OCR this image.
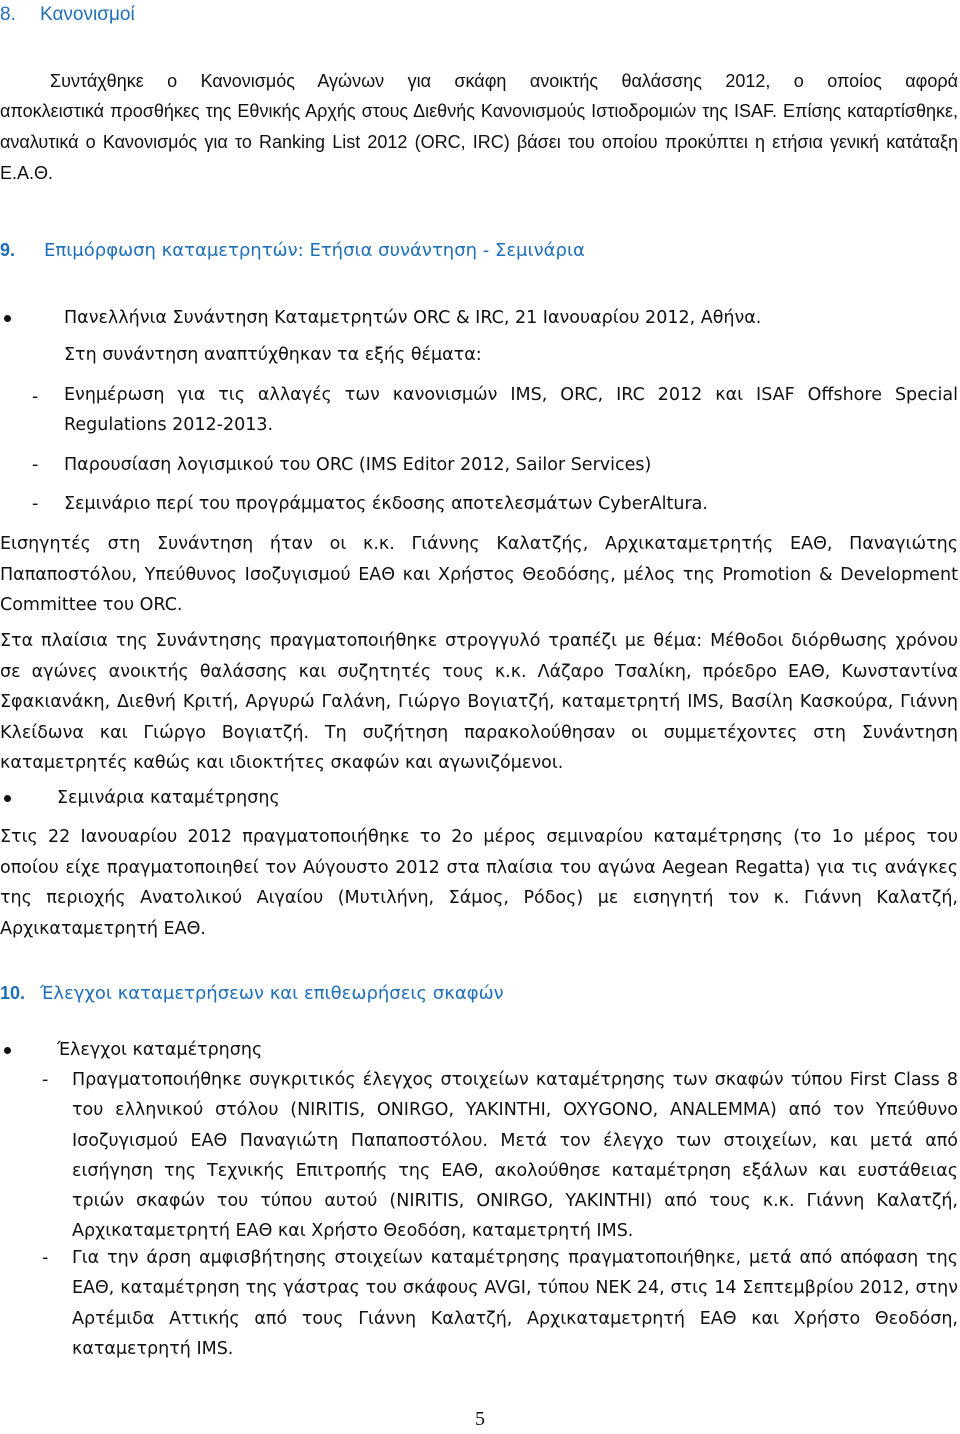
8. Κανονισμοί
Συντάχθηκε ο Κανονισμός Αγώνων για σκάφη ανοικτής θαλάσσης 2012, ο οποίος αφορά
αποκλειστικά προσθήκες της Εθνικής Αρχής στους Διεθνής Κανονισμούς Ιστιοδρομιών της ISAF. Επίσης καταρτίσθηκε, αναλυτικά ο Κανονισμός για το Ranking List 2012 (ORC, IRC) βάσει του οποίου προκύπτει η ετήσια γενική κατάταξη Ε.Α.Θ.
9. Επιμόρφωση καταμετρητών: Ετήσια συνάντηση - Σεμινάρια
Πανελλήνια Συνάντηση Καταμετρητών ORC & IRC, 21 Ιανουαρίου 2012, Αθήνα.
Στη συνάντηση αναπτύχθηκαν τα εξής θέματα:
- Ενημέρωση για τις αλλαγές των κανονισμών IMS, ORC, IRC 2012 και ISAF Offshore Special Regulations 2012-2013.
- Παρουσίαση λογισμικού του ORC (IMS Editor 2012, Sailor Services)
- Σεμινάριο περί του προγράμματος έκδοσης αποτελεσμάτων CyberAltura.
Εισηγητές στη Συνάντηση ήταν οι κ.κ. Γιάννης Καλατζής, Αρχικαταμετρητής ΕΑΘ, Παναγιώτης Παπαποστόλου, Υπεύθυνος Ισοζυγισμού ΕΑΘ και Χρήστος Θεοδόσης, μέλος της Promotion & Development Committee του ORC.
Στα πλαίσια της Συνάντησης πραγματοποιήθηκε στρογγυλό τραπέζι με θέμα: Μέθοδοι διόρθωσης χρόνου σε αγώνες ανοικτής θαλάσσης και συζητητές τους κ.κ. Λάζαρο Τσαλίκη, πρόεδρο ΕΑΘ, Κωνσταντίνα Σφακιανάκη, Διεθνή Κριτή, Αργυρώ Γαλάνη, Γιώργο Βογιατζή, καταμετρητή IMS, Βασίλη Κασκούρα, Γιάννη Κλείδωνα και Γιώργο Βογιατζή. Τη συζήτηση παρακολούθησαν οι συμμετέχοντες στη Συνάντηση καταμετρητές καθώς και ιδιοκτήτες σκαφών και αγωνιζόμενοι.
Σεμινάρια καταμέτρησης
Στις 22 Ιανουαρίου 2012 πραγματοποιήθηκε το 2ο μέρος σεμιναρίου καταμέτρησης (το 1ο μέρος του οποίου είχε πραγματοποιηθεί τον Αύγουστο 2012 στα πλαίσια του αγώνα Aegean Regatta) για τις ανάγκες της περιοχής Ανατολικού Αιγαίου (Μυτιλήνη, Σάμος, Ρόδος) με εισηγητή τον κ. Γιάννη Καλατζή, Αρχικαταμετρητή ΕΑΘ.
10. Έλεγχοι καταμετρήσεων και επιθεωρήσεις σκαφών
Έλεγχοι καταμέτρησης
- Πραγματοποιήθηκε συγκριτικός έλεγχος στοιχείων καταμέτρησης των σκαφών τύπου First Class 8 του ελληνικού στόλου (NIRITIS, ONIRGO, YAKINTHI, OXYGONO, ANALEMMA) από τον Υπεύθυνο Ισοζυγισμού ΕΑΘ Παναγιώτη Παπαποστόλου. Μετά τον έλεγχο των στοιχείων, και μετά από εισήγηση της Τεχνικής Επιτροπής της ΕΑΘ, ακολούθησε καταμέτρηση εξάλων και ευστάθειας τριών σκαφών του τύπου αυτού (NIRITIS, ONIRGO, YAKINTHI) από τους κ.κ. Γιάννη Καλατζή, Αρχικαταμετρητή ΕΑΘ και Χρήστο Θεοδόση, καταμετρητή IMS.
- Για την άρση αμφισβήτησης στοιχείων καταμέτρησης πραγματοποιήθηκε, μετά από απόφαση της ΕΑΘ, καταμέτρηση της γάστρας του σκάφους AVGI, τύπου NEK 24, στις 14 Σεπτεμβρίου 2012, στην Αρτέμιδα Αττικής από τους Γιάννη Καλατζή, Αρχικαταμετρητή ΕΑΘ και Χρήστο Θεοδόση, καταμετρητή IMS.
5
